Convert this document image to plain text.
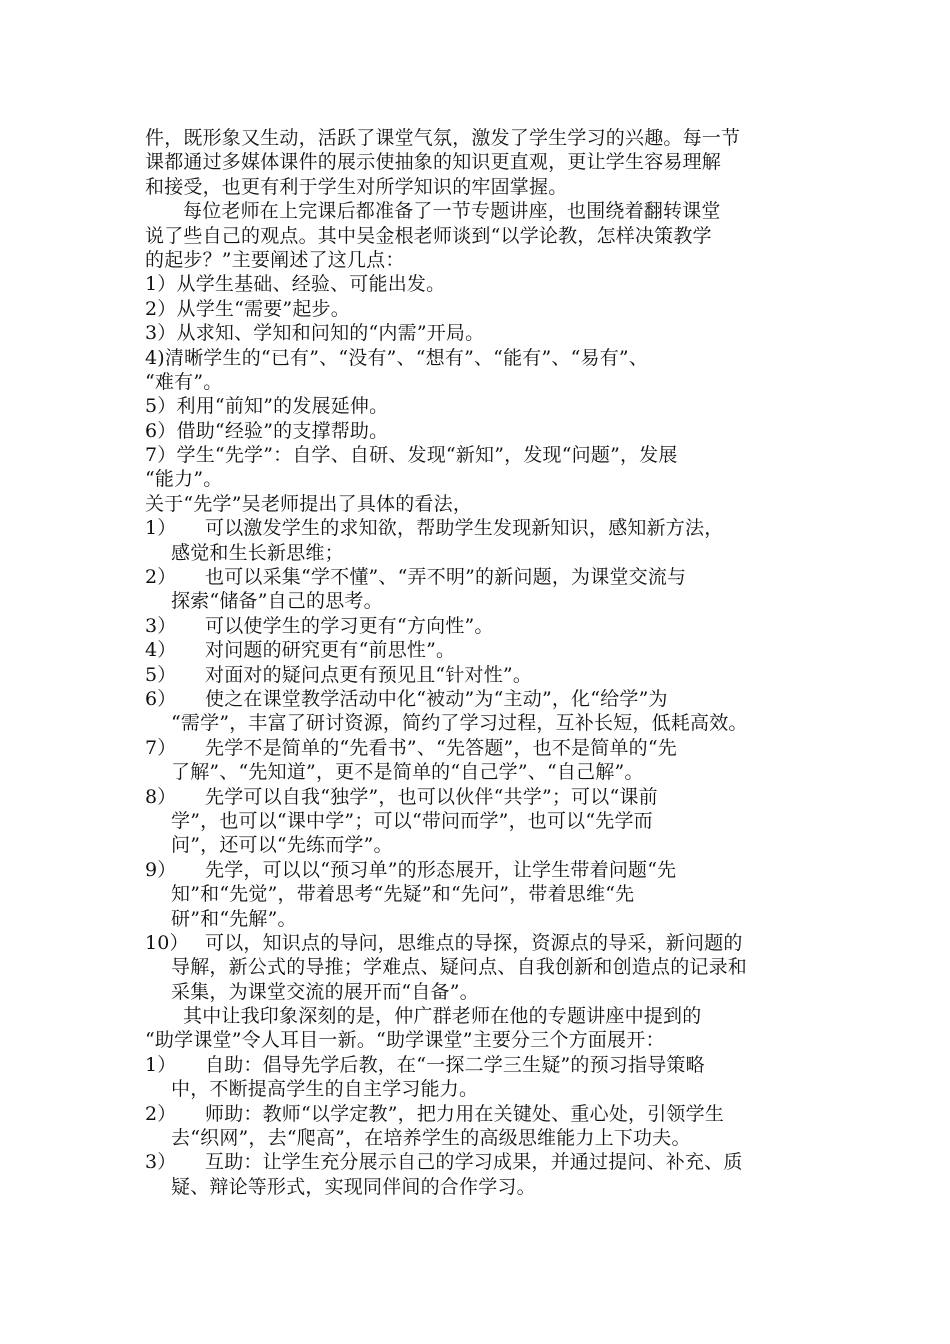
件，既形象又生动，活跃了课堂气氛，激发了学生学习的兴趣。每一节
课都通过多媒体课件的展示使抽象的知识更直观，更让学生容易理解
和接受，也更有利于学生对所学知识的牢固掌握。
每位老师在上完课后都准备了一节专题讲座，也围绕着翻转课堂
说了些自己的观点。其中吴金根老师谈到“以学论教，怎样决策教学
的起步？”主要阐述了这几点：
1）从学生基础、经验、可能出发。
2）从学生“需要”起步。
3）从求知、学知和问知的“内需”开局。
4)清晰学生的“已有”、“没有”、“想有”、“能有”、“易有”、
“难有”。
5）利用“前知”的发展延伸。
6）借助“经验”的支撑帮助。
7）学生“先学”：自学、自研、发现“新知”，发现“问题”，发展
“能力”。
关于“先学”吴老师提出了具体的看法，
1） 可以激发学生的求知欲，帮助学生发现新知识，感知新方法，
感觉和生长新思维；
2） 也可以采集“学不懂”、“弄不明”的新问题，为课堂交流与
探索“储备”自己的思考。
3） 可以使学生的学习更有“方向性”。
4） 对问题的研究更有“前思性”。
5） 对面对的疑问点更有预见且“针对性”。
6） 使之在课堂教学活动中化“被动”为“主动”，化“给学”为
“需学”，丰富了研讨资源，简约了学习过程，互补长短，低耗高效。
7） 先学不是简单的“先看书”、“先答题”，也不是简单的“先
了解”、“先知道”，更不是简单的“自己学”、“自己解”。
8） 先学可以自我“独学”，也可以伙伴“共学”；可以“课前
学”，也可以“课中学”；可以“带问而学”，也可以“先学而
问”，还可以“先练而学”。
9） 先学，可以以“预习单”的形态展开，让学生带着问题“先
知”和“先觉”，带着思考“先疑”和“先问”，带着思维“先
研”和“先解”。
10） 可以，知识点的导问，思维点的导探，资源点的导采，新问题的
导解，新公式的导推；学难点、疑问点、自我创新和创造点的记录和
采集，为课堂交流的展开而“自备”。
其中让我印象深刻的是，仲广群老师在他的专题讲座中提到的
“助学课堂”令人耳目一新。“助学课堂”主要分三个方面展开：
1） 自助：倡导先学后教，在“一探二学三生疑”的预习指导策略
中，不断提高学生的自主学习能力。
2） 师助：教师“以学定教”，把力用在关键处、重心处，引领学生
去“织网”，去“爬高”，在培养学生的高级思维能力上下功夫。
3） 互助：让学生充分展示自己的学习成果，并通过提问、补充、质
疑、辩论等形式，实现同伴间的合作学习。
